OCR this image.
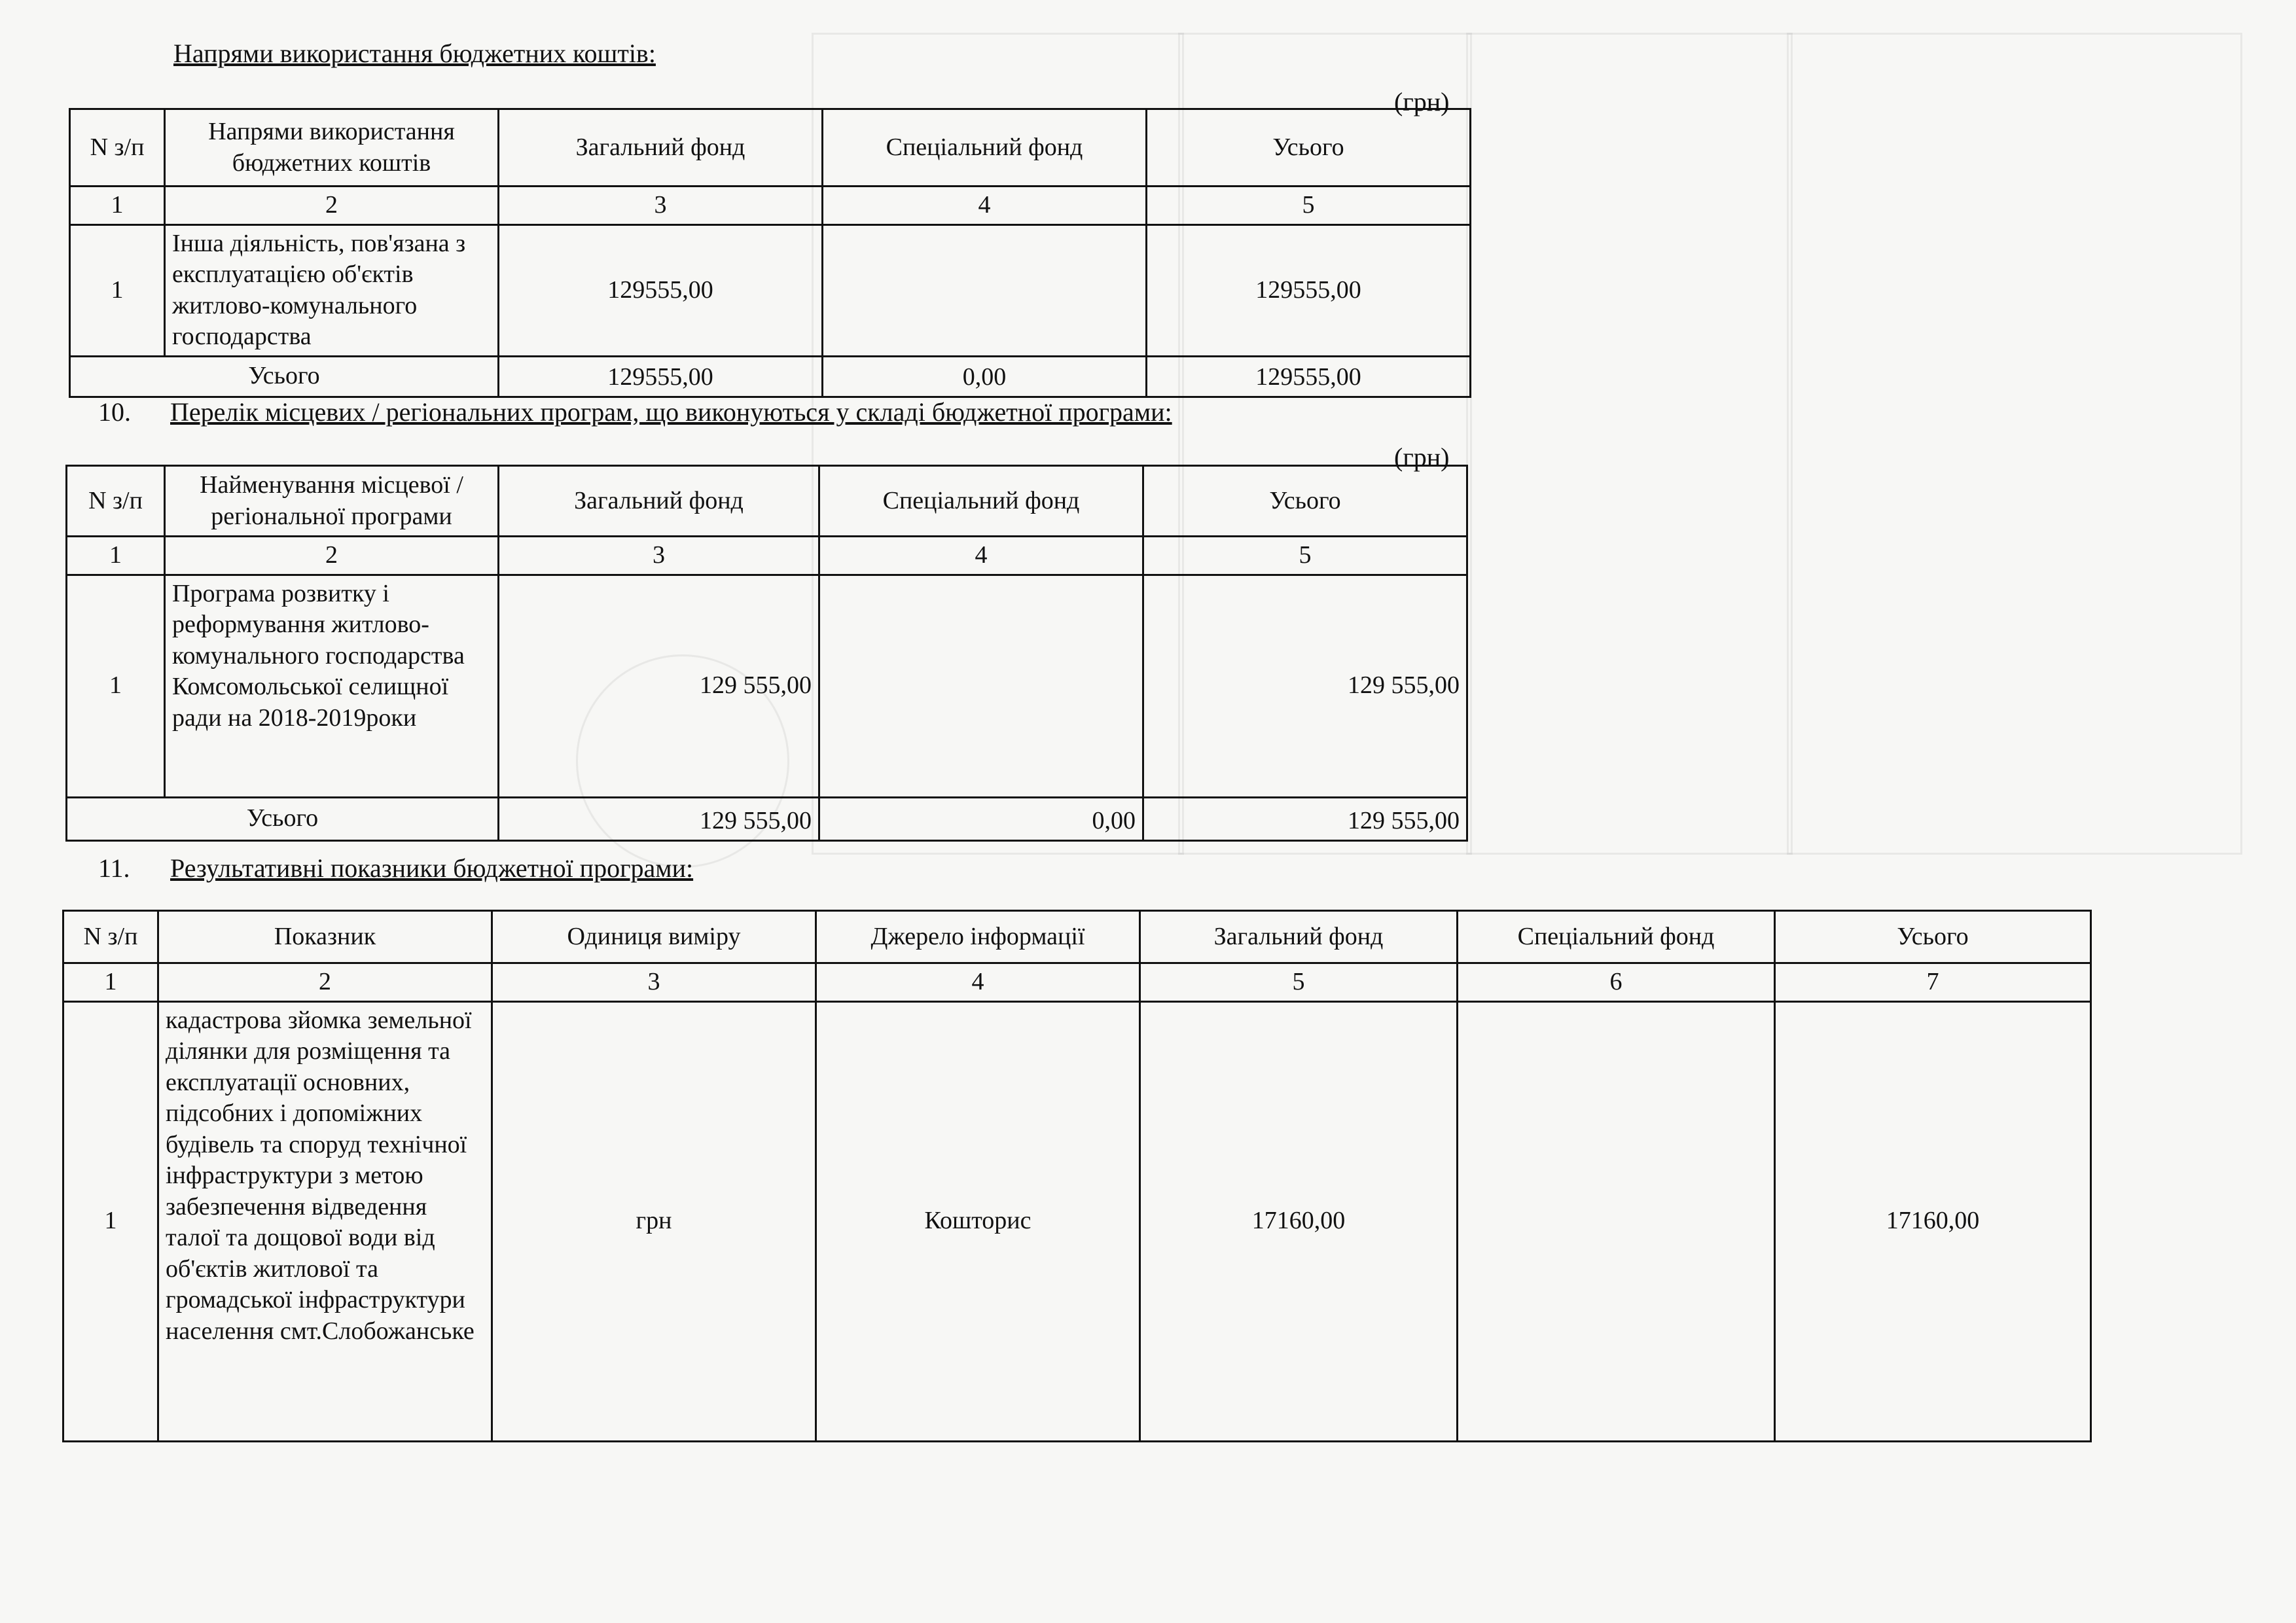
Напрями використання бюджетних коштів:
(грн)
N з/п	Напрями використання бюджетних коштів	Загальний фонд	Спеціальний фонд	Усього
1	2	3	4	5
1	Інша діяльність, пов'язана з експлуатацією об'єктів житлово-комунального господарства	129555,00		129555,00
Усього		129555,00	0,00	129555,00
10. Перелік місцевих / регіональних програм, що виконуються у складі бюджетної програми:
(грн)
N з/п	Найменування місцевої / регіональної програми	Загальний фонд	Спеціальний фонд	Усього
1	2	3	4	5
1	Програма розвитку і реформування житлово-комунального господарства Комсомольської селищної ради на 2018-2019роки	129 555,00		129 555,00
Усього		129 555,00	0,00	129 555,00
11. Результативні показники бюджетної програми:
N з/п	Показник	Одиниця виміру	Джерело інформації	Загальний фонд	Спеціальний фонд	Усього
1	2	3	4	5	6	7
1	кадастрова зйомка земельної ділянки для розміщення та експлуатації основних, підсобних і допоміжних будівель та споруд технічної інфраструктури з метою забезпечення відведення талої та дощової води від об'єктів житлової та громадської інфраструктури населення смт.Слобожанське	грн	Кошторис	17160,00		17160,00
